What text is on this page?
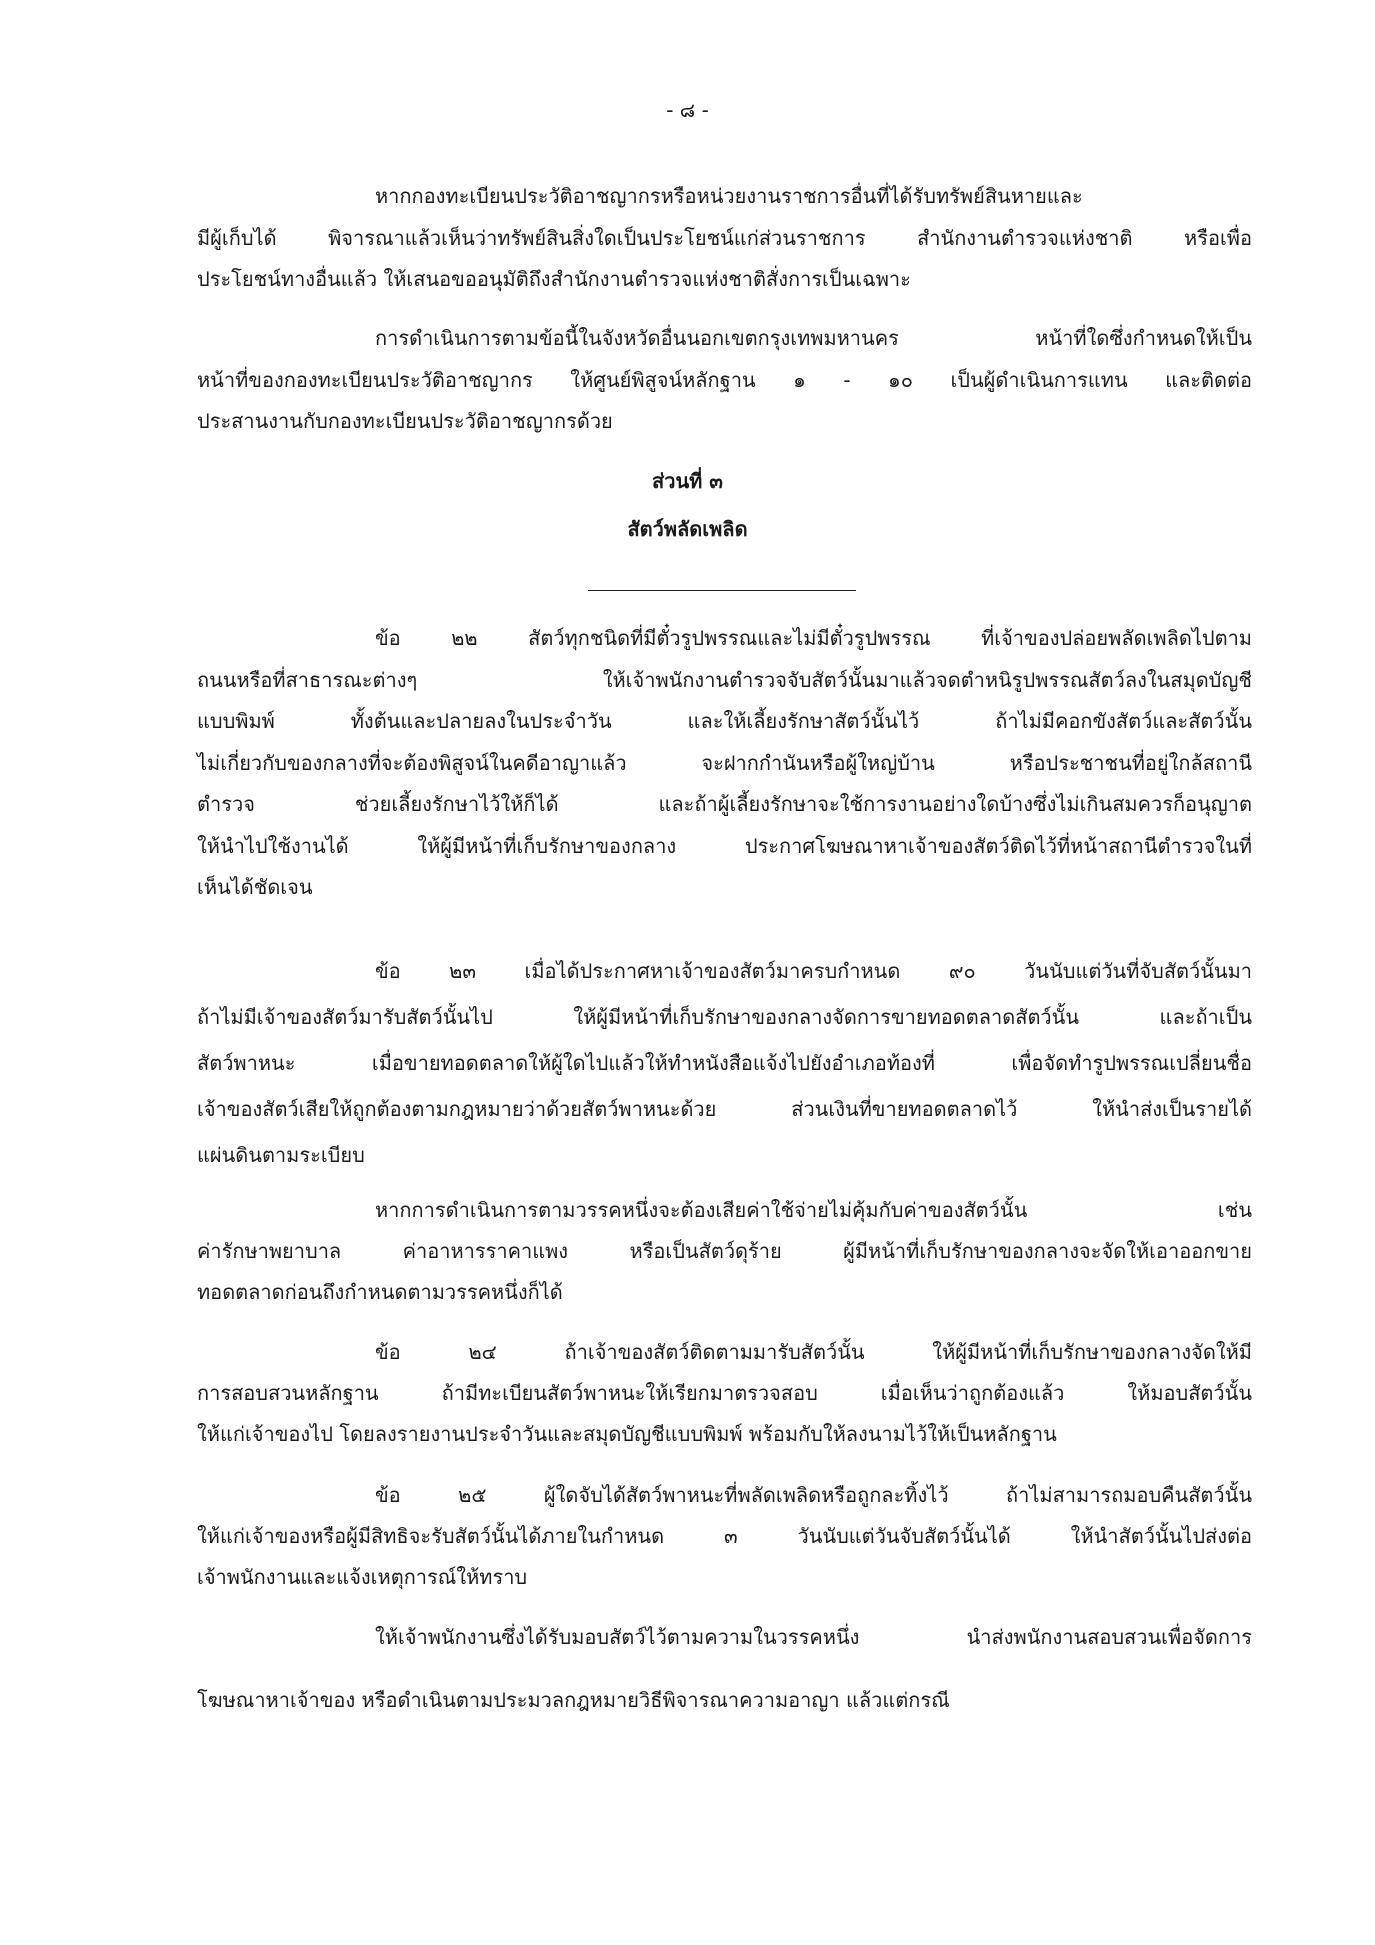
- ๘ -
หากกองทะเบียนประวัติอาชญากรหรือหน่วยงานราชการอื่นที่ได้รับทรัพย์สินหายและ
มีผู้เก็บได้ พิจารณาแล้วเห็นว่าทรัพย์สินสิ่งใดเป็นประโยชน์แก่ส่วนราชการ สำนักงานตำรวจแห่งชาติ หรือเพื่อ
ประโยชน์ทางอื่นแล้ว ให้เสนอขออนุมัติถึงสำนักงานตำรวจแห่งชาติสั่งการเป็นเฉพาะ
การดำเนินการตามข้อนี้ในจังหวัดอื่นนอกเขตกรุงเทพมหานคร หน้าที่ใดซึ่งกำหนดให้เป็น
หน้าที่ของกองทะเบียนประวัติอาชญากร ให้ศูนย์พิสูจน์หลักฐาน ๑ - ๑๐ เป็นผู้ดำเนินการแทน และติดต่อ
ประสานงานกับกองทะเบียนประวัติอาชญากรด้วย
ข้อ ๒๒ สัตว์ทุกชนิดที่มีตั๋วรูปพรรณและไม่มีตั๋วรูปพรรณ ที่เจ้าของปล่อยพลัดเพลิดไปตาม
ถนนหรือที่สาธารณะต่างๆ ให้เจ้าพนักงานตำรวจจับสัตว์นั้นมาแล้วจดตำหนิรูปพรรณสัตว์ลงในสมุดบัญชี
แบบพิมพ์ ทั้งต้นและปลายลงในประจำวัน และให้เลี้ยงรักษาสัตว์นั้นไว้ ถ้าไม่มีคอกขังสัตว์และสัตว์นั้น
ไม่เกี่ยวกับของกลางที่จะต้องพิสูจน์ในคดีอาญาแล้ว จะฝากกำนันหรือผู้ใหญ่บ้าน หรือประชาชนที่อยู่ใกล้สถานี
ตำรวจ ช่วยเลี้ยงรักษาไว้ให้ก็ได้ และถ้าผู้เลี้ยงรักษาจะใช้การงานอย่างใดบ้างซึ่งไม่เกินสมควรก็อนุญาต
ให้นำไปใช้งานได้ ให้ผู้มีหน้าที่เก็บรักษาของกลาง ประกาศโฆษณาหาเจ้าของสัตว์ติดไว้ที่หน้าสถานีตำรวจในที่
เห็นได้ชัดเจน
ข้อ ๒๓ เมื่อได้ประกาศหาเจ้าของสัตว์มาครบกำหนด ๙๐ วันนับแต่วันที่จับสัตว์นั้นมา
ถ้าไม่มีเจ้าของสัตว์มารับสัตว์นั้นไป ให้ผู้มีหน้าที่เก็บรักษาของกลางจัดการขายทอดตลาดสัตว์นั้น และถ้าเป็น
สัตว์พาหนะ เมื่อขายทอดตลาดให้ผู้ใดไปแล้วให้ทำหนังสือแจ้งไปยังอำเภอท้องที่ เพื่อจัดทำรูปพรรณเปลี่ยนชื่อ
เจ้าของสัตว์เสียให้ถูกต้องตามกฎหมายว่าด้วยสัตว์พาหนะด้วย ส่วนเงินที่ขายทอดตลาดไว้ ให้นำส่งเป็นรายได้
แผ่นดินตามระเบียบ
หากการดำเนินการตามวรรคหนึ่งจะต้องเสียค่าใช้จ่ายไม่คุ้มกับค่าของสัตว์นั้น เช่น
ค่ารักษาพยาบาล ค่าอาหารราคาแพง หรือเป็นสัตว์ดุร้าย ผู้มีหน้าที่เก็บรักษาของกลางจะจัดให้เอาออกขาย
ทอดตลาดก่อนถึงกำหนดตามวรรคหนึ่งก็ได้
ข้อ ๒๔ ถ้าเจ้าของสัตว์ติดตามมารับสัตว์นั้น ให้ผู้มีหน้าที่เก็บรักษาของกลางจัดให้มี
การสอบสวนหลักฐาน ถ้ามีทะเบียนสัตว์พาหนะให้เรียกมาตรวจสอบ เมื่อเห็นว่าถูกต้องแล้ว ให้มอบสัตว์นั้น
ให้แก่เจ้าของไป โดยลงรายงานประจำวันและสมุดบัญชีแบบพิมพ์ พร้อมกับให้ลงนามไว้ให้เป็นหลักฐาน
ข้อ ๒๕ ผู้ใดจับได้สัตว์พาหนะที่พลัดเพลิดหรือถูกละทิ้งไว้ ถ้าไม่สามารถมอบคืนสัตว์นั้น
ให้แก่เจ้าของหรือผู้มีสิทธิจะรับสัตว์นั้นได้ภายในกำหนด ๓ วันนับแต่วันจับสัตว์นั้นได้ ให้นำสัตว์นั้นไปส่งต่อ
เจ้าพนักงานและแจ้งเหตุการณ์ให้ทราบ
ให้เจ้าพนักงานซึ่งได้รับมอบสัตว์ไว้ตามความในวรรคหนึ่ง นำส่งพนักงานสอบสวนเพื่อจัดการ
โฆษณาหาเจ้าของ หรือดำเนินตามประมวลกฎหมายวิธีพิจารณาความอาญา แล้วแต่กรณี
ส่วนที่ ๓
สัตว์พลัดเพลิด
